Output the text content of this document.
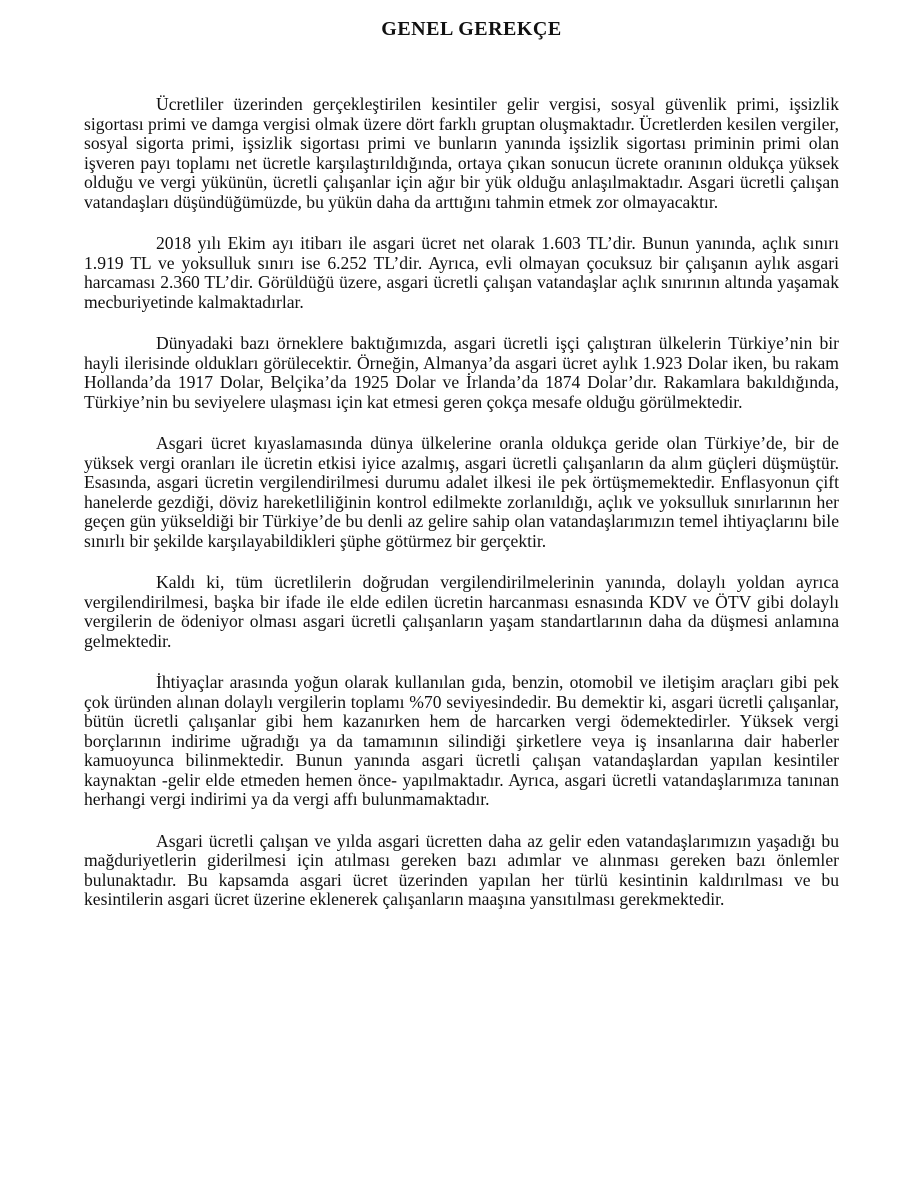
GENEL GEREKÇE

Ücretliler üzerinden gerçekleştirilen kesintiler gelir vergisi, sosyal güvenlik primi, işsizlik sigortası primi ve damga vergisi olmak üzere dört farklı gruptan oluşmaktadır. Ücretlerden kesilen vergiler, sosyal sigorta primi, işsizlik sigortası primi ve bunların yanında işsizlik sigortası priminin primi olan işveren payı toplamı net ücretle karşılaştırıldığında, ortaya çıkan sonucun ücrete oranının oldukça yüksek olduğu ve vergi yükünün, ücretli çalışanlar için ağır bir yük olduğu anlaşılmaktadır. Asgari ücretli çalışan vatandaşları düşündüğümüzde, bu yükün daha da arttığını tahmin etmek zor olmayacaktır.

2018 yılı Ekim ayı itibarı ile asgari ücret net olarak 1.603 TL’dir. Bunun yanında, açlık sınırı 1.919 TL ve yoksulluk sınırı ise 6.252 TL’dir. Ayrıca, evli olmayan çocuksuz bir çalışanın aylık asgari harcaması 2.360 TL’dir. Görüldüğü üzere, asgari ücretli çalışan vatandaşlar açlık sınırının altında yaşamak mecburiyetinde kalmaktadırlar.

Dünyadaki bazı örneklere baktığımızda, asgari ücretli işçi çalıştıran ülkelerin Türkiye’nin bir hayli ilerisinde oldukları görülecektir. Örneğin, Almanya’da asgari ücret aylık 1.923 Dolar iken, bu rakam Hollanda’da 1917 Dolar, Belçika’da 1925 Dolar ve İrlanda’da 1874 Dolar’dır. Rakamlara bakıldığında, Türkiye’nin bu seviyelere ulaşması için kat etmesi geren çokça mesafe olduğu görülmektedir.

Asgari ücret kıyaslamasında dünya ülkelerine oranla oldukça geride olan Türkiye’de, bir de yüksek vergi oranları ile ücretin etkisi iyice azalmış, asgari ücretli çalışanların da alım güçleri düşmüştür. Esasında, asgari ücretin vergilendirilmesi durumu adalet ilkesi ile pek örtüşmemektedir. Enflasyonun çift hanelerde gezdiği, döviz hareketliliğinin kontrol edilmekte zorlanıldığı, açlık ve yoksulluk sınırlarının her geçen gün yükseldiği bir Türkiye’de bu denli az gelire sahip olan vatandaşlarımızın temel ihtiyaçlarını bile sınırlı bir şekilde karşılayabildikleri şüphe götürmez bir gerçektir.

Kaldı ki, tüm ücretlilerin doğrudan vergilendirilmelerinin yanında, dolaylı yoldan ayrıca vergilendirilmesi, başka bir ifade ile elde edilen ücretin harcanması esnasında KDV ve ÖTV gibi dolaylı vergilerin de ödeniyor olması asgari ücretli çalışanların yaşam standartlarının daha da düşmesi anlamına gelmektedir.

İhtiyaçlar arasında yoğun olarak kullanılan gıda, benzin, otomobil ve iletişim araçları gibi pek çok üründen alınan dolaylı vergilerin toplamı %70 seviyesindedir. Bu demektir ki, asgari ücretli çalışanlar, bütün ücretli çalışanlar gibi hem kazanırken hem de harcarken vergi ödemektedirler. Yüksek vergi borçlarının indirime uğradığı ya da tamamının silindiği şirketlere veya iş insanlarına dair haberler kamuoyunca bilinmektedir. Bunun yanında asgari ücretli çalışan vatandaşlardan yapılan kesintiler kaynaktan -gelir elde etmeden hemen önce- yapılmaktadır. Ayrıca, asgari ücretli vatandaşlarımıza tanınan herhangi vergi indirimi ya da vergi affı bulunmamaktadır.

Asgari ücretli çalışan ve yılda asgari ücretten daha az gelir eden vatandaşlarımızın yaşadığı bu mağduriyetlerin giderilmesi için atılması gereken bazı adımlar ve alınması gereken bazı önlemler bulunaktadır. Bu kapsamda asgari ücret üzerinden yapılan her türlü kesintinin kaldırılması ve bu kesintilerin asgari ücret üzerine eklenerek çalışanların maaşına yansıtılması gerekmektedir.
